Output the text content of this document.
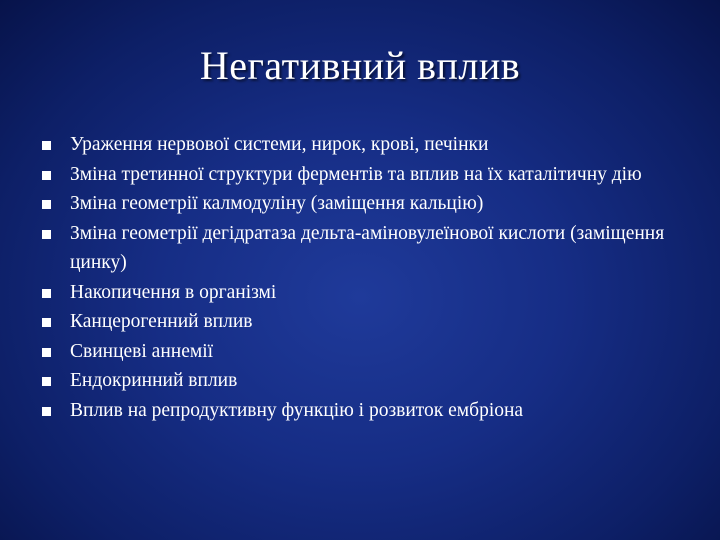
Негативний вплив
Ураження нервової системи, нирок, крові, печінки
Зміна третинної структури ферментів та вплив на їх каталітичну дію
Зміна геометрії калмодуліну (заміщення кальцію)
Зміна геометрії дегідратаза дельта-аміновулеїнової кислоти (заміщення цинку)
Накопичення в організмі
Канцерогенний вплив
Свинцеві аннемії
Ендокринний вплив
Вплив на репродуктивну функцію і розвиток ембріона
